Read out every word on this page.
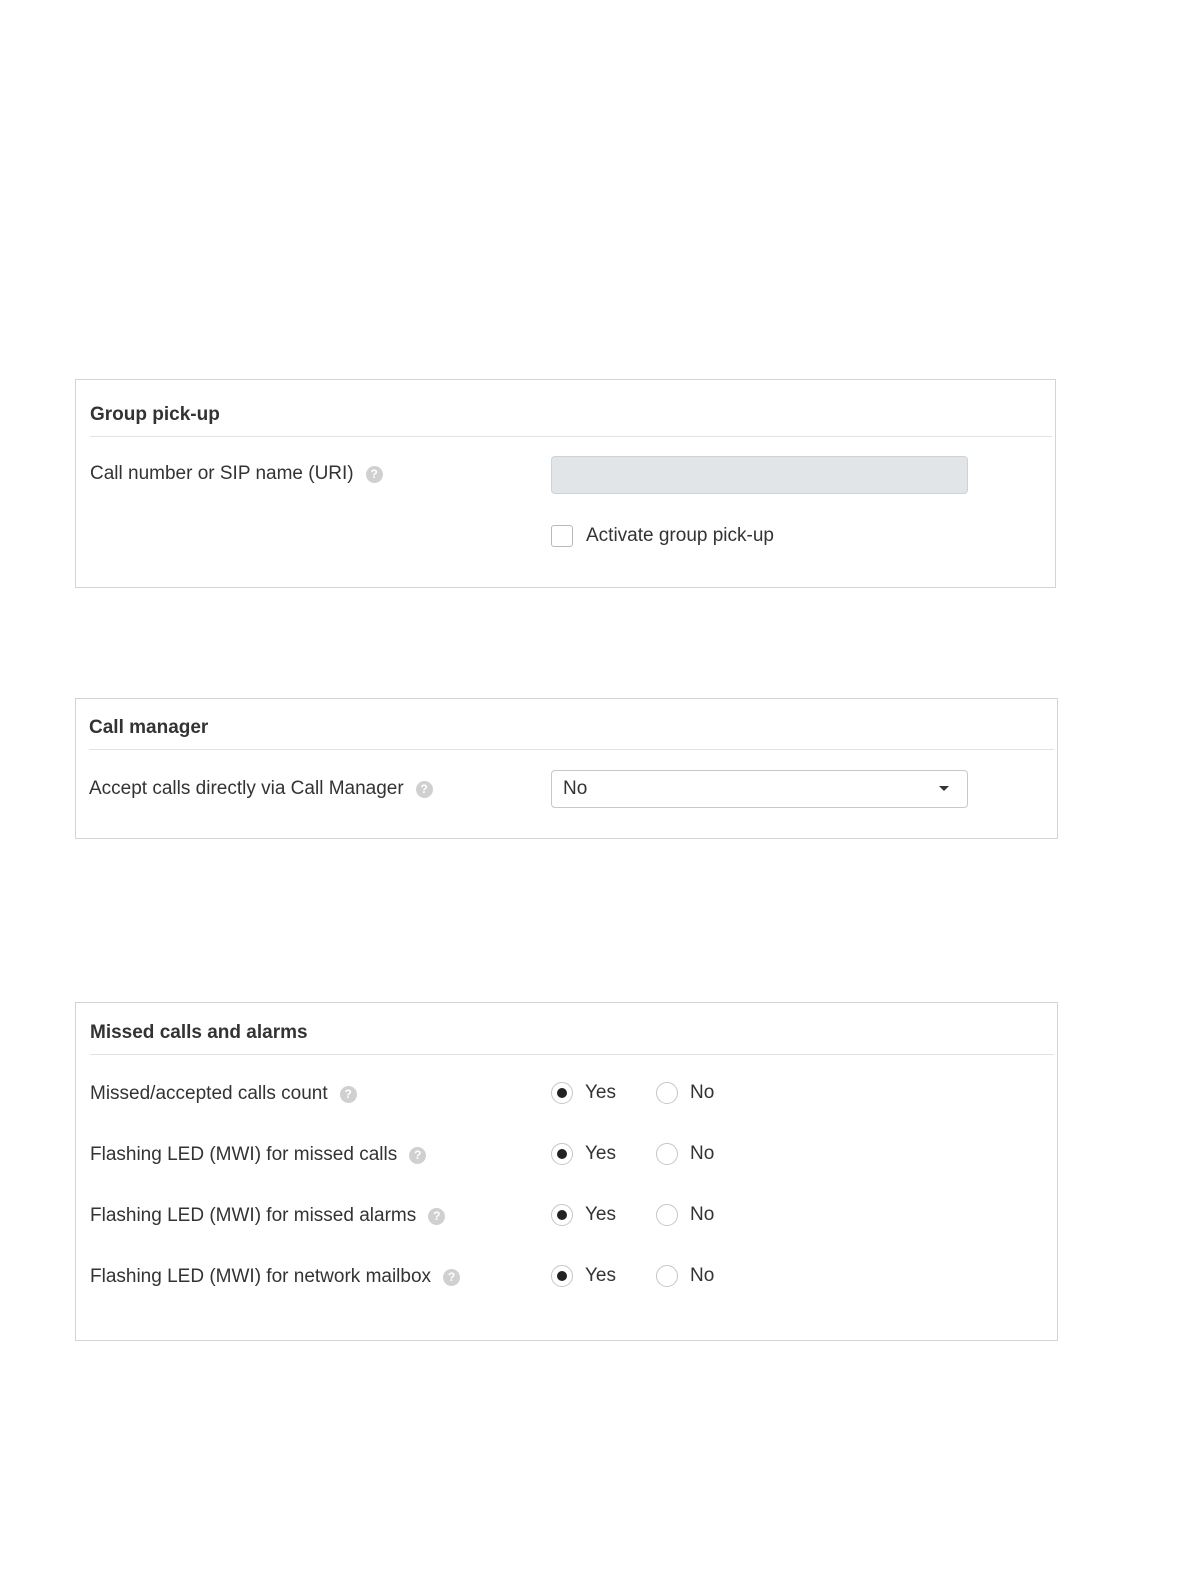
Group pick-up
Call number or SIP name (URI)	?
Activate group pick-up
Call manager
Accept calls directly via Call Manager	?	No
Missed calls and alarms
Missed/accepted calls count	?	Yes	No
Flashing LED (MWI) for missed calls	?	Yes	No
Flashing LED (MWI) for missed alarms	?	Yes	No
Flashing LED (MWI) for network mailbox	?	Yes	No
